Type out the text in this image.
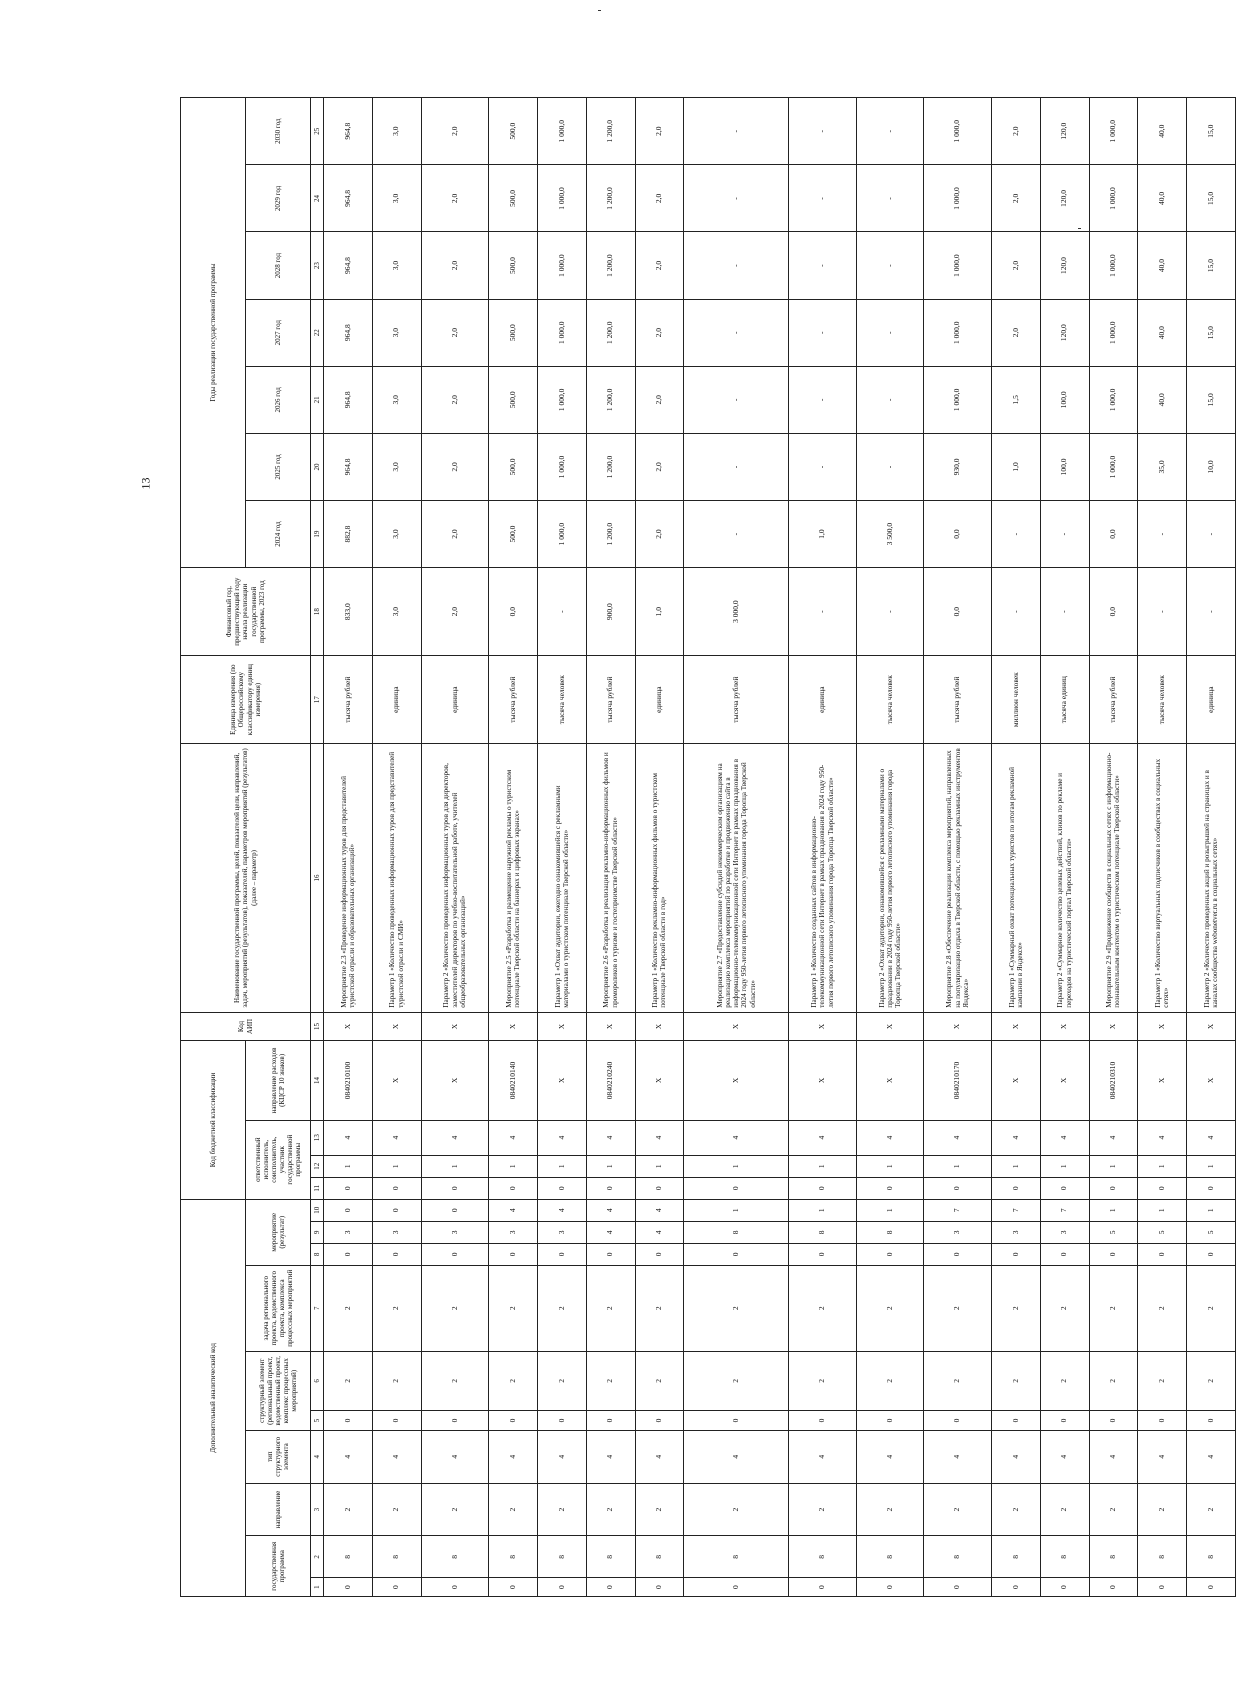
13
Дополнительный аналитический код										Код бюджетной классификации				Код АИП	Наименование государственной программы, целей, показателей цели, направлений, задач, мероприятий (результатов), показателей, параметров мероприятий (результатов) (далее – параметр)	Единица измерения (по Общероссийскому классификатору единиц измерения)	Финансовый год, предшествующий году начала реализации государственной программы, 2023 год	Годы реализации государственной программы						
государственная программа		направление	тип структурного элемента	структурный элемент (региональный проект, ведомственный проект, комплекс процессных мероприятий)		задача регионального проекта, ведомственного проекта, комплекса процессных мероприятий	мероприятие (результат)			ответственный исполнитель, соисполнитель, участник государственной программы			направление расходов (КЦСР 10 знаков)											
																		2024 год	2025 год	2026 год	2027 год	2028 год	2029 год	2030 год
1	2	3	4	5	6	7	8	9	10	11	12	13	14	15	16	17	18	19	20	21	22	23	24	25
0	8	2	4	0	2	2	0	3	0	0	1	4	0840210100	X	Мероприятие 2.3 «Проведение информационных туров для представителей туристской отрасли и образовательных организаций»	тысяча рублей	833,0	882,8	964,8	964,8	964,8	964,8	964,8	964,8
0	8	2	4	0	2	2	0	3	0	0	1	4	X	X	Параметр 1 «Количество проведенных информационных туров для представителей туристской отрасли и СМИ»	единица	3,0	3,0	3,0	3,0	3,0	3,0	3,0	3,0
0	8	2	4	0	2	2	0	3	0	0	1	4	X	X	Параметр 2 «Количество проведенных информационных туров для директоров, заместителей директоров по учебно-воспитательной работе, учителей общеобразовательных организаций»	единица	2,0	2,0	2,0	2,0	2,0	2,0	2,0	2,0
0	8	2	4	0	2	2	0	3	4	0	1	4	0840210140	X	Мероприятие 2.5 «Разработка и размещение наружной рекламы о туристском потенциале Тверской области на баннерах и цифровых экранах»	тысяча рублей	0,0	500,0	500,0	500,0	500,0	500,0	500,0	500,0
0	8	2	4	0	2	2	0	3	4	0	1	4	X	X	Параметр 1 «Охват аудитории, ежегодно ознакомившейся с рекламными материалами о туристском потенциале Тверской области»	тысяча человек	-	1 000,0	1 000,0	1 000,0	1 000,0	1 000,0	1 000,0	1 000,0
0	8	2	4	0	2	2	0	4	4	0	1	4	0840210240	X	Мероприятие 2.6 «Разработка и реализация рекламно-информационных фильмов и промороликов о туризме и гостеприимстве Тверской области»	тысяча рублей	900,0	1 200,0	1 200,0	1 200,0	1 200,0	1 200,0	1 200,0	1 200,0
0	8	2	4	0	2	2	0	4	4	0	1	4	X	X	Параметр 1 «Количество рекламно-информационных фильмов о туристском потенциале Тверской области в год»	единица	1,0	2,0	2,0	2,0	2,0	2,0	2,0	2,0
0	8	2	4	0	2	2	0	8	1	0	1	4	X	X	Мероприятие 2.7 «Предоставление субсидий некоммерческим организациям на реализацию комплекса мероприятий по разработке и продвижению сайта в информационно-телекоммуникационной сети Интернет в рамках празднования в 2024 году 950-летия первого летописного упоминания города Торопца Тверской области»	тысяча рублей	3 000,0	-	-	-	-	-	-	-
0	8	2	4	0	2	2	0	8	1	0	1	4	X	X	Параметр 1 «Количество созданных сайтов в информационно-телекоммуникационной сети Интернет в рамках празднования в 2024 году 950-летия первого летописного упоминания города Торопца Тверской области»	единица	-	1,0	-	-	-	-	-	-
0	8	2	4	0	2	2	0	8	1	0	1	4	X	X	Параметр 2 «Охват аудитории, ознакомившейся с рекламными материалами о праздновании в 2024 году 950-летия первого летописного упоминания города Торопца Тверской области»	тысяча человек	-	3 500,0	-	-	-	-	-	-
0	8	2	4	0	2	2	0	3	7	0	1	4	0840210170	X	Мероприятие 2.8 «Обеспечение реализации комплекса мероприятий, направленных на популяризацию отдыха в Тверской области, с помощью рекламных инструментов Яндекса»	тысяча рублей	0,0	0,0	930,0	1 000,0	1 000,0	1 000,0	1 000,0	1 000,0
0	8	2	4	0	2	2	0	3	7	0	1	4	X	X	Параметр 1 «Суммарный охват потенциальных туристов по итогам рекламной кампании в Яндексе»	миллион человек	-	-	1,0	1,5	2,0	2,0	2,0	2,0
0	8	2	4	0	2	2	0	3	7	0	1	4	X	X	Параметр 2 «Суммарное количество целевых действий, кликов по рекламе и переходов на туристический портал Тверской области»	тысяча единиц	-	-	100,0	100,0	120,0	120,0	120,0	120,0
0	8	2	4	0	2	2	0	5	1	0	1	4	0840210310	X	Мероприятие 2.9 «Продвижение сообществ в социальных сетях с информационно-познавательным контентом о туристическом потенциале Тверской области»	тысяча рублей	0,0	0,0	1 000,0	1 000,0	1 000,0	1 000,0	1 000,0	1 000,0
0	8	2	4	0	2	2	0	5	1	0	1	4	X	X	Параметр 1 «Количество виртуальных подписчиков в сообществах в социальных сетях»	тысяча человек	-	-	35,0	40,0	40,0	40,0	40,0	40,0
0	8	2	4	0	2	2	0	5	1	0	1	4	X	X	Параметр 2 «Количество проведенных акций и розыгрышей на страницах и в каналах сообщества webonetver.ru в социальных сетях»	единица	-	-	10,0	15,0	15,0	15,0	15,0	15,0
